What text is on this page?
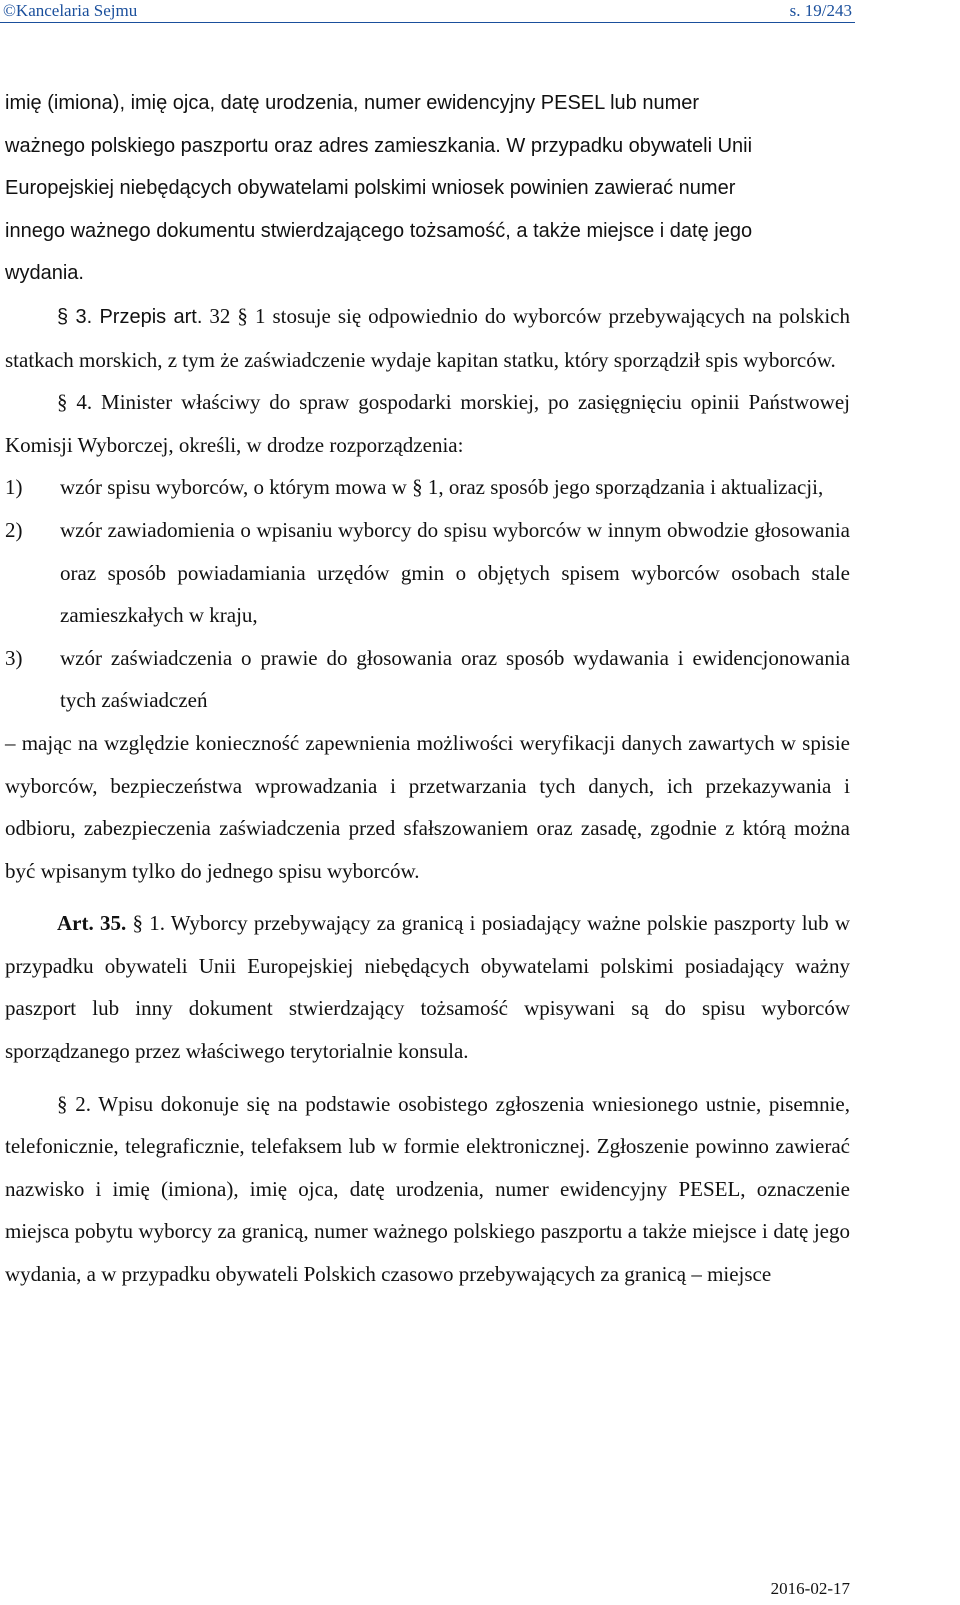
©Kancelaria Sejmu	s. 19/243

imię (imiona), imię ojca, datę urodzenia, numer ewidencyjny PESEL lub numer

ważnego polskiego paszportu oraz adres zamieszkania. W przypadku obywateli Unii

Europejskiej niebędących obywatelami polskimi wniosek powinien zawierać numer

innego ważnego dokumentu stwierdzającego tożsamość, a także miejsce i datę jego

wydania.

§ 3. Przepis art. 32 § 1 stosuje się odpowiednio do wyborców przebywających na polskich statkach morskich, z tym że zaświadczenie wydaje kapitan statku, który sporządził spis wyborców.

§ 4. Minister właściwy do spraw gospodarki morskiej, po zasięgnięciu opinii Państwowej Komisji Wyborczej, określi, w drodze rozporządzenia:

1)	wzór spisu wyborców, o którym mowa w § 1, oraz sposób jego sporządzania i aktualizacji,
2)	wzór zawiadomienia o wpisaniu wyborcy do spisu wyborców w innym obwodzie głosowania oraz sposób powiadamiania urzędów gmin o objętych spisem wyborców osobach stale zamieszkałych w kraju,
3)	wzór zaświadczenia o prawie do głosowania oraz sposób wydawania i ewidencjonowania tych zaświadczeń

– mając na względzie konieczność zapewnienia możliwości weryfikacji danych zawartych w spisie wyborców, bezpieczeństwa wprowadzania i przetwarzania tych danych, ich przekazywania i odbioru, zabezpieczenia zaświadczenia przed sfałszowaniem oraz zasadę, zgodnie z którą można być wpisanym tylko do jednego spisu wyborców.

Art. 35. § 1. Wyborcy przebywający za granicą i posiadający ważne polskie paszporty lub w przypadku obywateli Unii Europejskiej niebędących obywatelami polskimi posiadający ważny paszport lub inny dokument stwierdzający tożsamość wpisywani są do spisu wyborców sporządzanego przez właściwego terytorialnie konsula.

§ 2. Wpisu dokonuje się na podstawie osobistego zgłoszenia wniesionego ustnie, pisemnie, telefonicznie, telegraficznie, telefaksem lub w formie elektronicznej. Zgłoszenie powinno zawierać nazwisko i imię (imiona), imię ojca, datę urodzenia, numer ewidencyjny PESEL, oznaczenie miejsca pobytu wyborcy za granicą, numer ważnego polskiego paszportu a także miejsce i datę jego wydania, a w przypadku obywateli Polskich czasowo przebywających za granicą – miejsce

2016-02-17
